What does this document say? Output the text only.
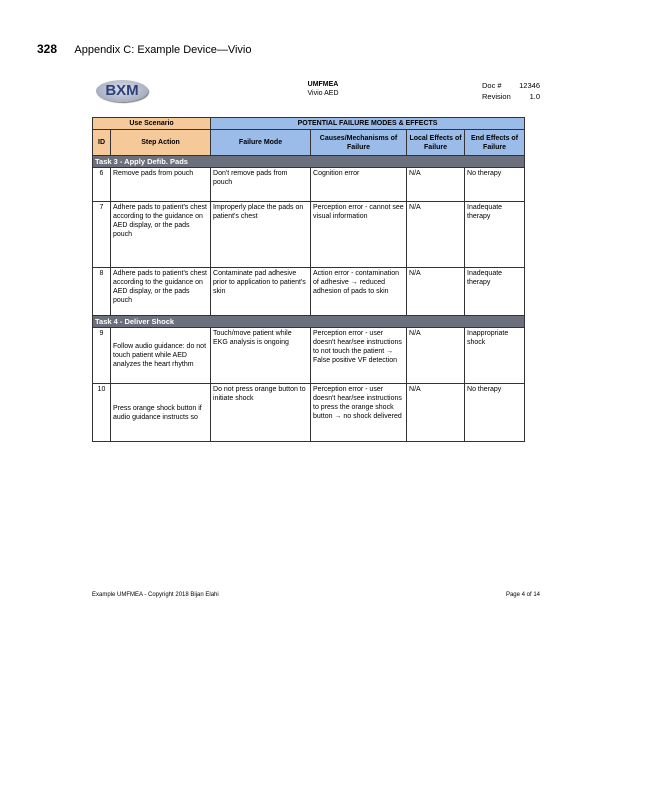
328 Appendix C: Example Device—Vivio
BXM	UMFMEA
Vivio AED
Doc # 12346
Revision	1.0
Use Scenario		POTENTIAL FAILURE MODES & EFFECTS			
ID	Step Action	Failure Mode	Causes/Mechanisms of Failure	Local Effects of Failure	End Effects of Failure
Task 3 - Apply Defib. Pads					
6	Remove pads from pouch	Don't remove pads from pouch	Cognition error	N/A	No therapy
7	Adhere pads to patient's chest according to the guidance on AED display, or the pads pouch	Improperly place the pads on patient's chest	Perception error - cannot see visual information	N/A	Inadequate therapy
8	Adhere pads to patient's chest according to the guidance on AED display, or the pads pouch	Contaminate pad adhesive prior to application to patient's skin	Action error - contamination of adhesive → reduced adhesion of pads to skin	N/A	Inadequate therapy
Task 4 - Deliver Shock					
9	Follow audio guidance: do not touch patient while AED analyzes the heart rhythm	Touch/move patient while EKG analysis is ongoing	Perception error - user doesn't hear/see instructions to not touch the patient → False positive VF detection	N/A	Inappropriate shock
10	Press orange shock button if audio guidance instructs so	Do not press orange button to initiate shock	Perception error - user doesn't hear/see instructions to press the orange shock button → no shock delivered	N/A	No therapy
Example UMFMEA - Copyright 2018 Bijan Elahi	Page 4 of 14
